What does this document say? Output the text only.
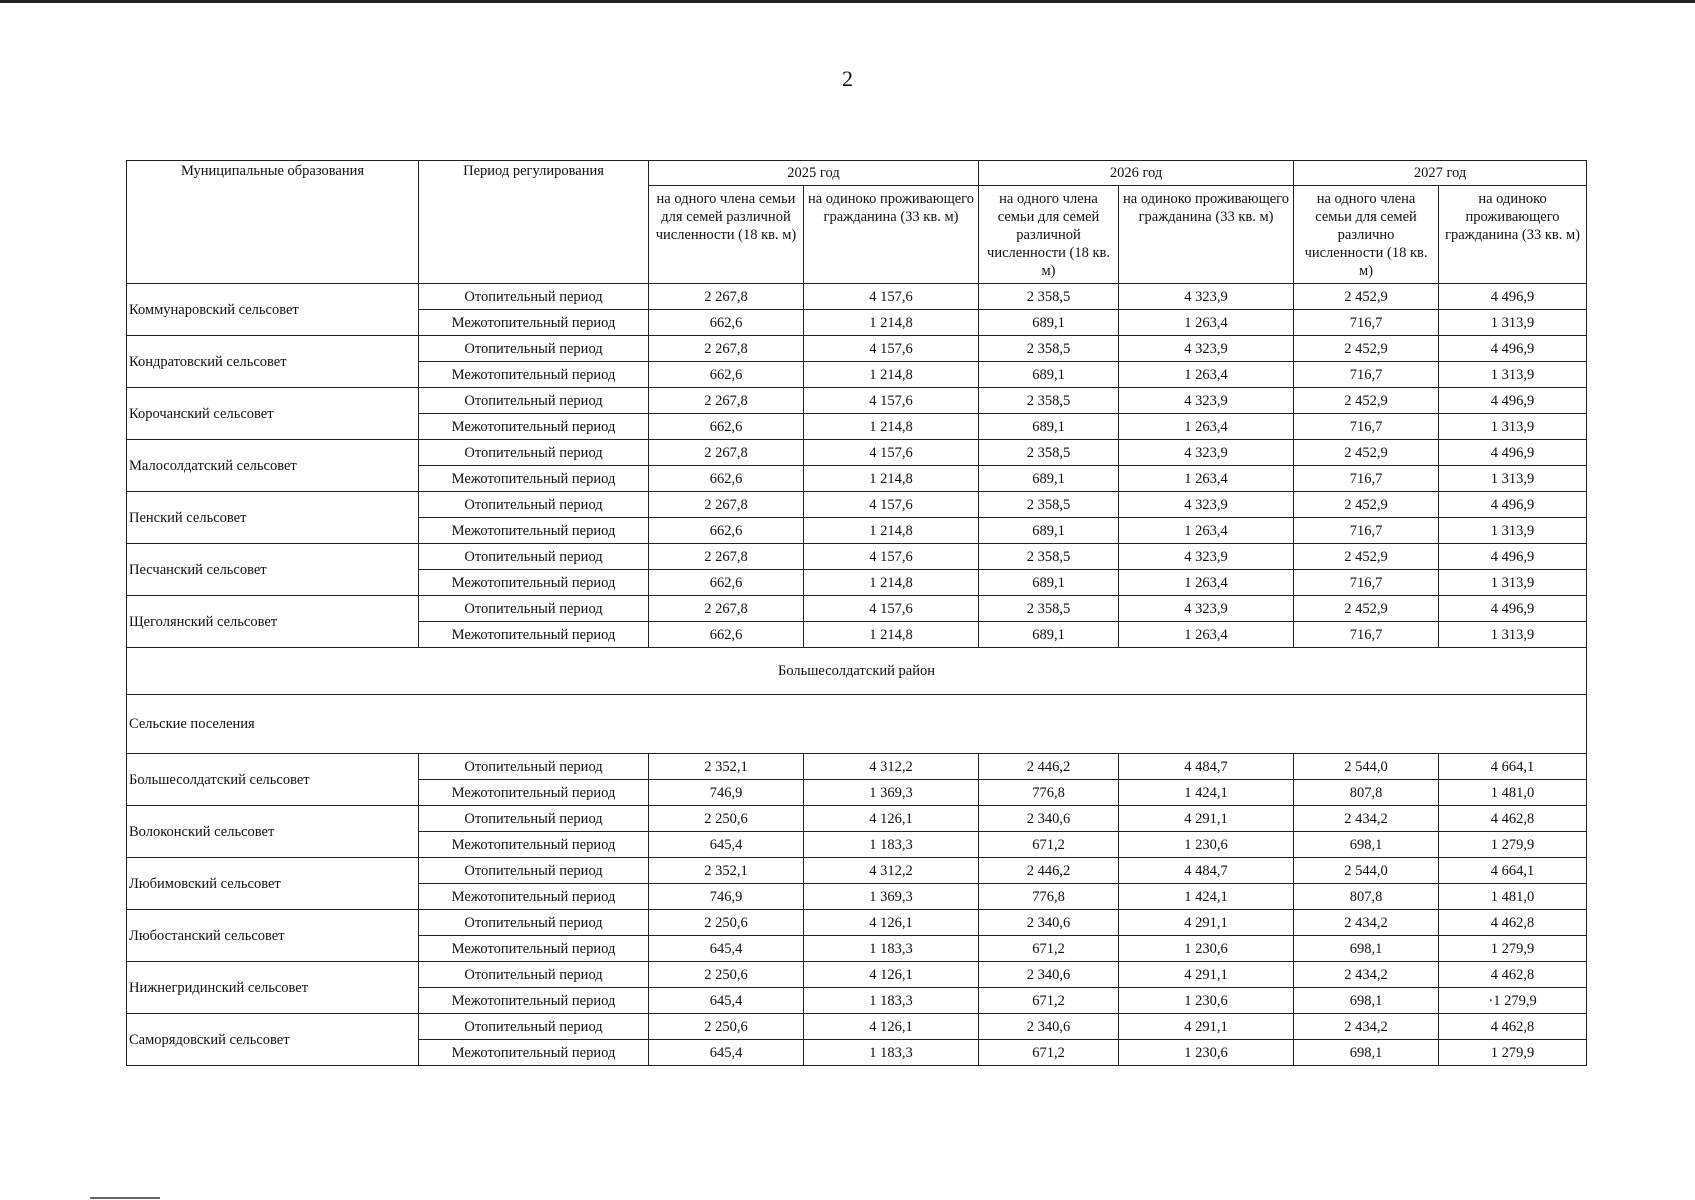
2
Муниципальные образования	Период регулирования	2025 год		2026 год		2027 год	
		на одного члена семьи для семей различной численности (18 кв. м)	на одиноко проживающего гражданина (33 кв. м)	на одного члена семьи для семей различной численности (18 кв. м)	на одиноко проживающего гражданина (33 кв. м)	на одного члена семьи для семей различно численности (18 кв. м)	на одиноко проживающего гражданина (33 кв. м)
Коммунаровский сельсовет	Отопительный период	2 267,8	4 157,6	2 358,5	4 323,9	2 452,9	4 496,9
	Межотопительный период	662,6	1 214,8	689,1	1 263,4	716,7	1 313,9
Кондратовский сельсовет	Отопительный период	2 267,8	4 157,6	2 358,5	4 323,9	2 452,9	4 496,9
	Межотопительный период	662,6	1 214,8	689,1	1 263,4	716,7	1 313,9
Корочанский сельсовет	Отопительный период	2 267,8	4 157,6	2 358,5	4 323,9	2 452,9	4 496,9
	Межотопительный период	662,6	1 214,8	689,1	1 263,4	716,7	1 313,9
Малосолдатский сельсовет	Отопительный период	2 267,8	4 157,6	2 358,5	4 323,9	2 452,9	4 496,9
	Межотопительный период	662,6	1 214,8	689,1	1 263,4	716,7	1 313,9
Пенский сельсовет	Отопительный период	2 267,8	4 157,6	2 358,5	4 323,9	2 452,9	4 496,9
	Межотопительный период	662,6	1 214,8	689,1	1 263,4	716,7	1 313,9
Песчанский сельсовет	Отопительный период	2 267,8	4 157,6	2 358,5	4 323,9	2 452,9	4 496,9
	Межотопительный период	662,6	1 214,8	689,1	1 263,4	716,7	1 313,9
Щеголянский сельсовет	Отопительный период	2 267,8	4 157,6	2 358,5	4 323,9	2 452,9	4 496,9
	Межотопительный период	662,6	1 214,8	689,1	1 263,4	716,7	1 313,9
Большесолдатский район							
Сельские поселения							
Большесолдатский сельсовет	Отопительный период	2 352,1	4 312,2	2 446,2	4 484,7	2 544,0	4 664,1
	Межотопительный период	746,9	1 369,3	776,8	1 424,1	807,8	1 481,0
Волоконский сельсовет	Отопительный период	2 250,6	4 126,1	2 340,6	4 291,1	2 434,2	4 462,8
	Межотопительный период	645,4	1 183,3	671,2	1 230,6	698,1	1 279,9
Любимовский сельсовет	Отопительный период	2 352,1	4 312,2	2 446,2	4 484,7	2 544,0	4 664,1
	Межотопительный период	746,9	1 369,3	776,8	1 424,1	807,8	1 481,0
Любостанский сельсовет	Отопительный период	2 250,6	4 126,1	2 340,6	4 291,1	2 434,2	4 462,8
	Межотопительный период	645,4	1 183,3	671,2	1 230,6	698,1	1 279,9
Нижнегридинский сельсовет	Отопительный период	2 250,6	4 126,1	2 340,6	4 291,1	2 434,2	4 462,8
	Межотопительный период	645,4	1 183,3	671,2	1 230,6	698,1	·1 279,9
Саморядовский сельсовет	Отопительный период	2 250,6	4 126,1	2 340,6	4 291,1	2 434,2	4 462,8
	Межотопительный период	645,4	1 183,3	671,2	1 230,6	698,1	1 279,9
